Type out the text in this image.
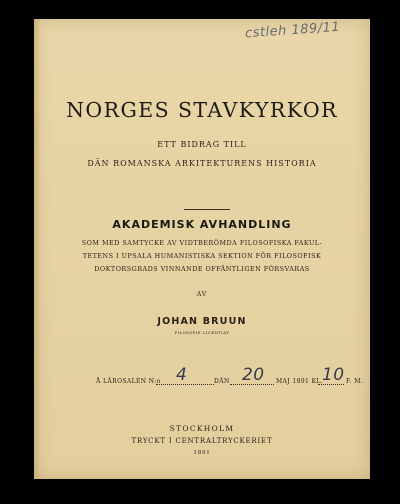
cstleh 189/11
NORGES STAVKYRKOR
ETT BIDRAG TILL
DÄN ROMANSKA ARKITEKTURENS HISTORIA
AKADEMISK AVHANDLING
SOM MED SAMTYCKE AV VIDTBERÖMDA FILOSOFISKA FAKUL-
TETENS I UPSALA HUMANISTISKA SEKTION FÖR FILOSOFISK
DOKTORSGRADS VINNANDE OFFÄNTLIGEN FÖRSVARAS
AV
JOHAN BRUUN
FILOSOFIE LICENTIAT
Å LÄROSALEN N:o 4	DÄN 20 MAJ 1891 KL.
10 F. M.
STOCKHOLM
TRYCKT I CENTRALTRYCKERIET
1891
